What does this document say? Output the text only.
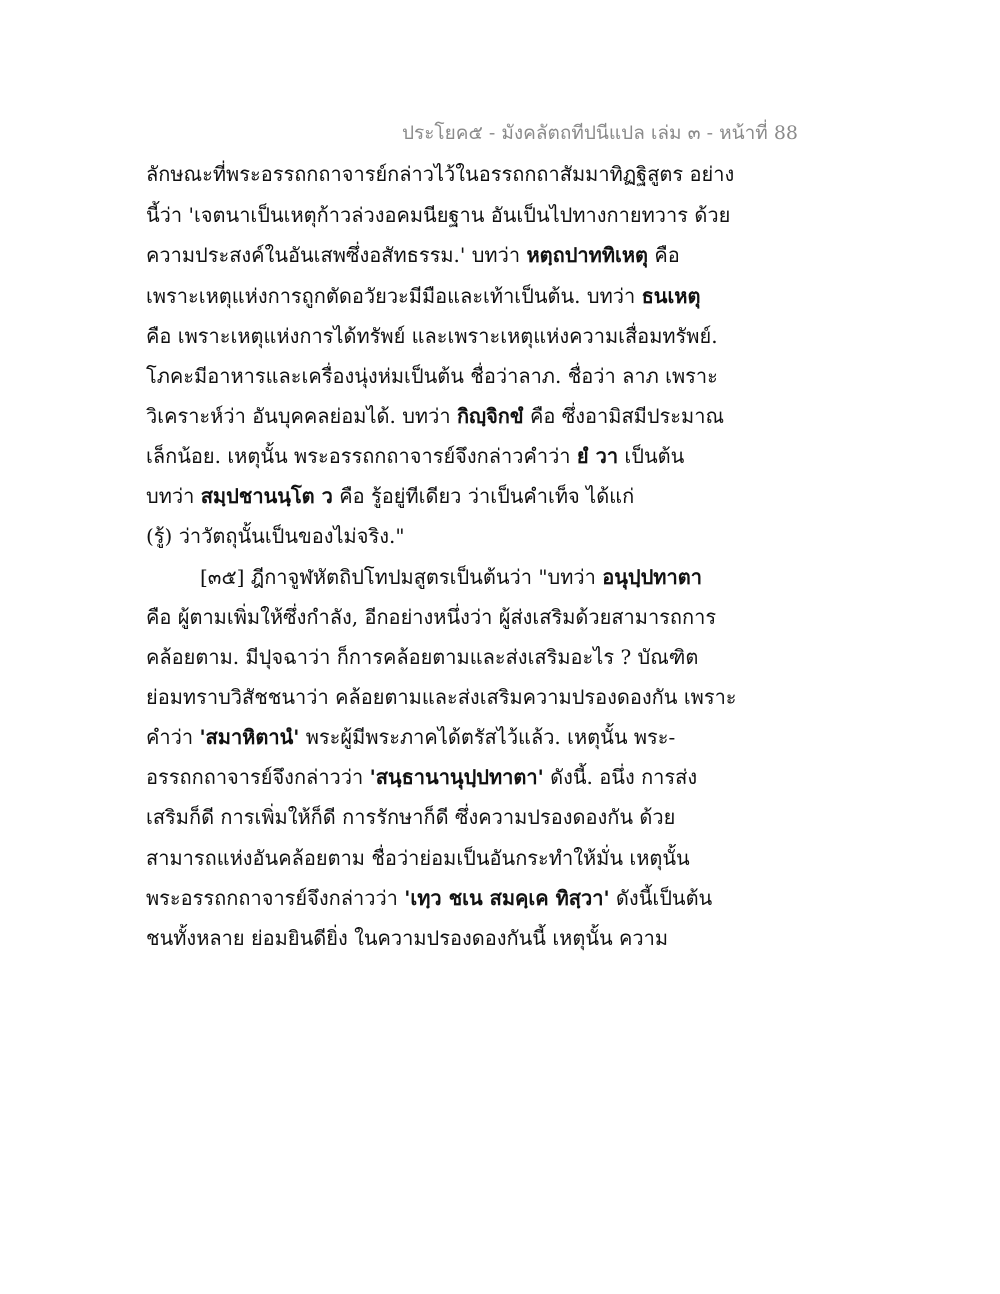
ประโยค๕ - มังคลัตถทีปนีแปล เล่ม ๓ - หน้าที่ 88
ลักษณะที่พระอรรถกถาจารย์กล่าวไว้ในอรรถกถาสัมมาทิฏฐิสูตร อย่าง
นี้ว่า 'เจตนาเป็นเหตุก้าวล่วงอคมนียฐาน อันเป็นไปทางกายทวาร ด้วย
ความประสงค์ในอันเสพซึ่งอสัทธรรม.' บทว่า หตฺถปาททิเหตุ คือ
เพราะเหตุแห่งการถูกตัดอวัยวะมีมือและเท้าเป็นต้น. บทว่า ธนเหตุ
คือ เพราะเหตุแห่งการได้ทรัพย์ และเพราะเหตุแห่งความเสื่อมทรัพย์.
โภคะมีอาหารและเครื่องนุ่งห่มเป็นต้น ชื่อว่าลาภ. ชื่อว่า ลาภ เพราะ
วิเคราะห์ว่า อันบุคคลย่อมได้. บทว่า กิญฺจิกขํ คือ ซึ่งอามิสมีประมาณ
เล็กน้อย. เหตุนั้น พระอรรถกถาจารย์จึงกล่าวคำว่า ยํ วา เป็นต้น
บทว่า สมฺปชานนฺโต ว คือ รู้อยู่ทีเดียว ว่าเป็นคำเท็จ ได้แก่
(รู้) ว่าวัตถุนั้นเป็นของไม่จริง."
[๓๕] ฎีกาจูฬหัตถิปโทปมสูตรเป็นต้นว่า "บทว่า อนุปฺปทาตา
คือ ผู้ตามเพิ่มให้ซึ่งกำลัง, อีกอย่างหนึ่งว่า ผู้ส่งเสริมด้วยสามารถการ
คล้อยตาม. มีปุจฉาว่า ก็การคล้อยตามและส่งเสริมอะไร ? บัณฑิต
ย่อมทราบวิสัชชนาว่า คล้อยตามและส่งเสริมความปรองดองกัน เพราะ
คำว่า 'สมาหิตานํ' พระผู้มีพระภาคได้ตรัสไว้แล้ว. เหตุนั้น พระ-
อรรถกถาจารย์จึงกล่าวว่า 'สนฺธานานุปฺปทาตา' ดังนี้. อนึ่ง การส่ง
เสริมก็ดี การเพิ่มให้ก็ดี การรักษาก็ดี ซึ่งความปรองดองกัน ด้วย
สามารถแห่งอันคล้อยตาม ชื่อว่าย่อมเป็นอันกระทำให้มั่น เหตุนั้น
พระอรรถกถาจารย์จึงกล่าวว่า 'เทฺว ชเน สมคฺเค ทิสฺวา' ดังนี้เป็นต้น
ชนทั้งหลาย ย่อมยินดียิ่ง ในความปรองดองกันนี้ เหตุนั้น ความ
